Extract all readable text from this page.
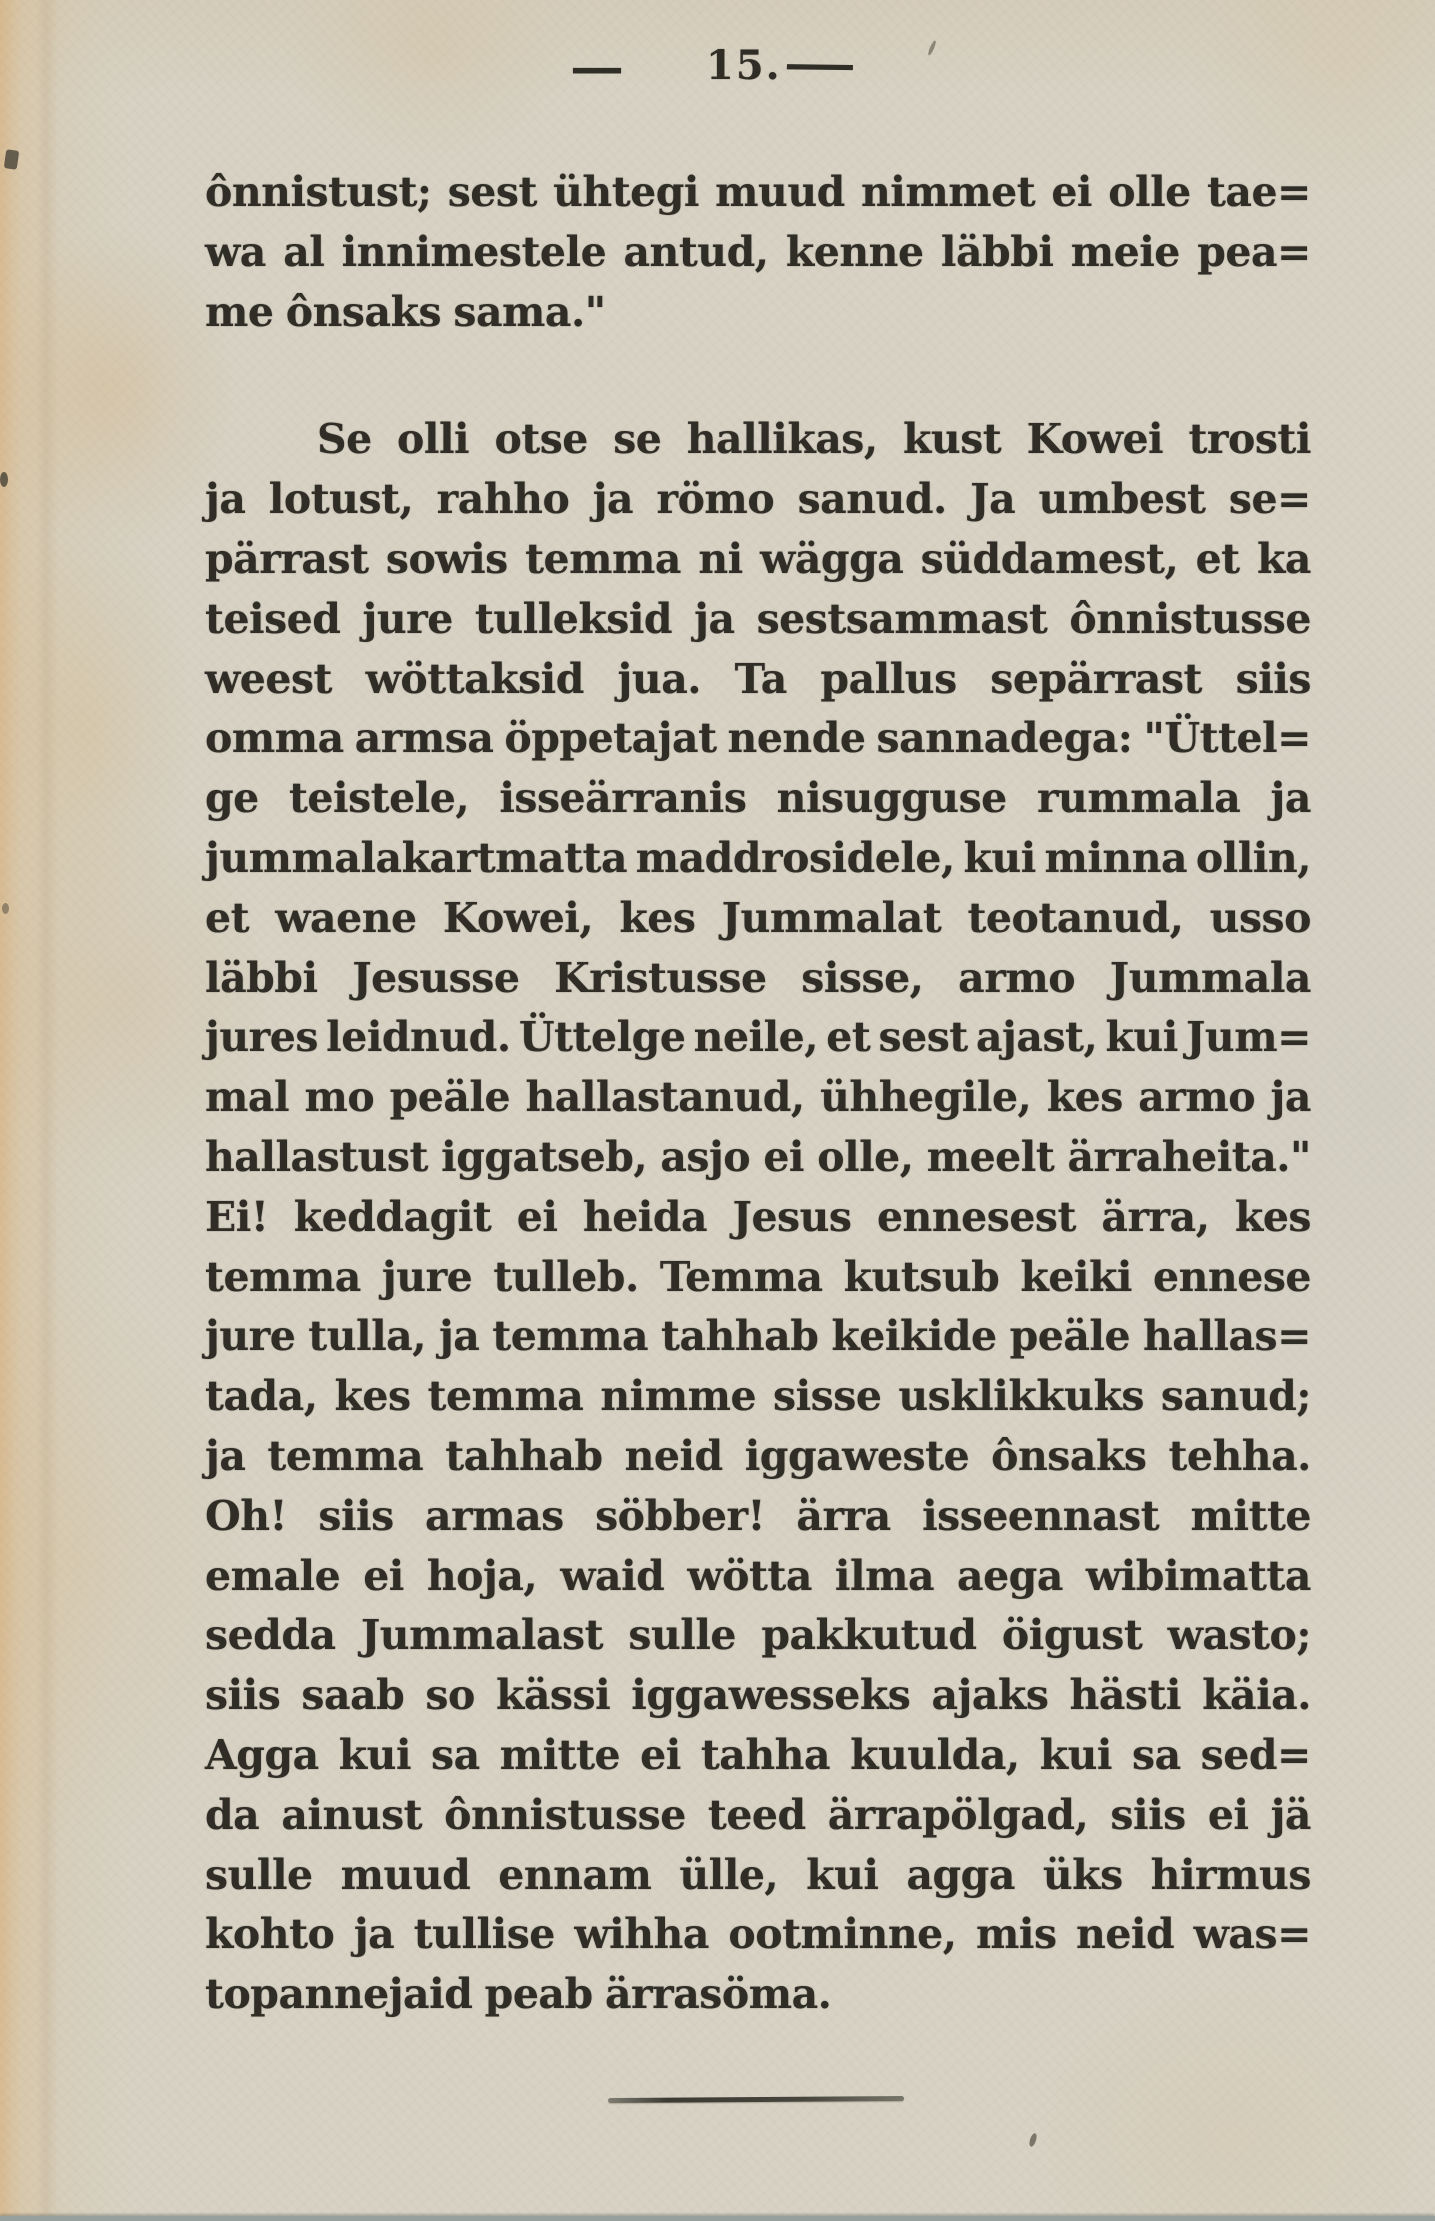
— 15. —
ônnistust; sest ühtegi muud nimmet ei olle tae=
wa al innimestele antud, kenne läbbi meie pea=
me ônsaks sama."
Se olli otse se hallikas, kust Kowei trosti
ja lotust, rahho ja römo sanud. Ja umbest se=
pärrast sowis temma ni wägga süddamest, et ka
teised jure tulleksid ja sestsammast ônnistusse
weest wöttaksid jua. Ta pallus sepärrast siis
omma armsa öppetajat nende sannadega: "Üttel=
ge teistele, isseärranis nisugguse rummala ja
jummalakartmatta maddrosidele, kui minna ollin,
et waene Kowei, kes Jummalat teotanud, usso
läbbi Jesusse Kristusse sisse, armo Jummala
jures leidnud. Üttelge neile, et sest ajast, kui Jum=
mal mo peäle hallastanud, ühhegile, kes armo ja
hallastust iggatseb, asjo ei olle, meelt ärraheita."
Ei! keddagit ei heida Jesus ennesest ärra, kes
temma jure tulleb. Temma kutsub keiki ennese
jure tulla, ja temma tahhab keikide peäle hallas=
tada, kes temma nimme sisse usklikkuks sanud;
ja temma tahhab neid iggaweste ônsaks tehha.
Oh! siis armas söbber! ärra isseennast mitte
emale ei hoja, waid wötta ilma aega wibimatta
sedda Jummalast sulle pakkutud öigust wasto;
siis saab so kässi iggawesseks ajaks hästi käia.
Agga kui sa mitte ei tahha kuulda, kui sa sed=
da ainust ônnistusse teed ärrapölgad, siis ei jä
sulle muud ennam ülle, kui agga üks hirmus
kohto ja tullise wihha ootminne, mis neid was=
topannejaid peab ärrasöma.
